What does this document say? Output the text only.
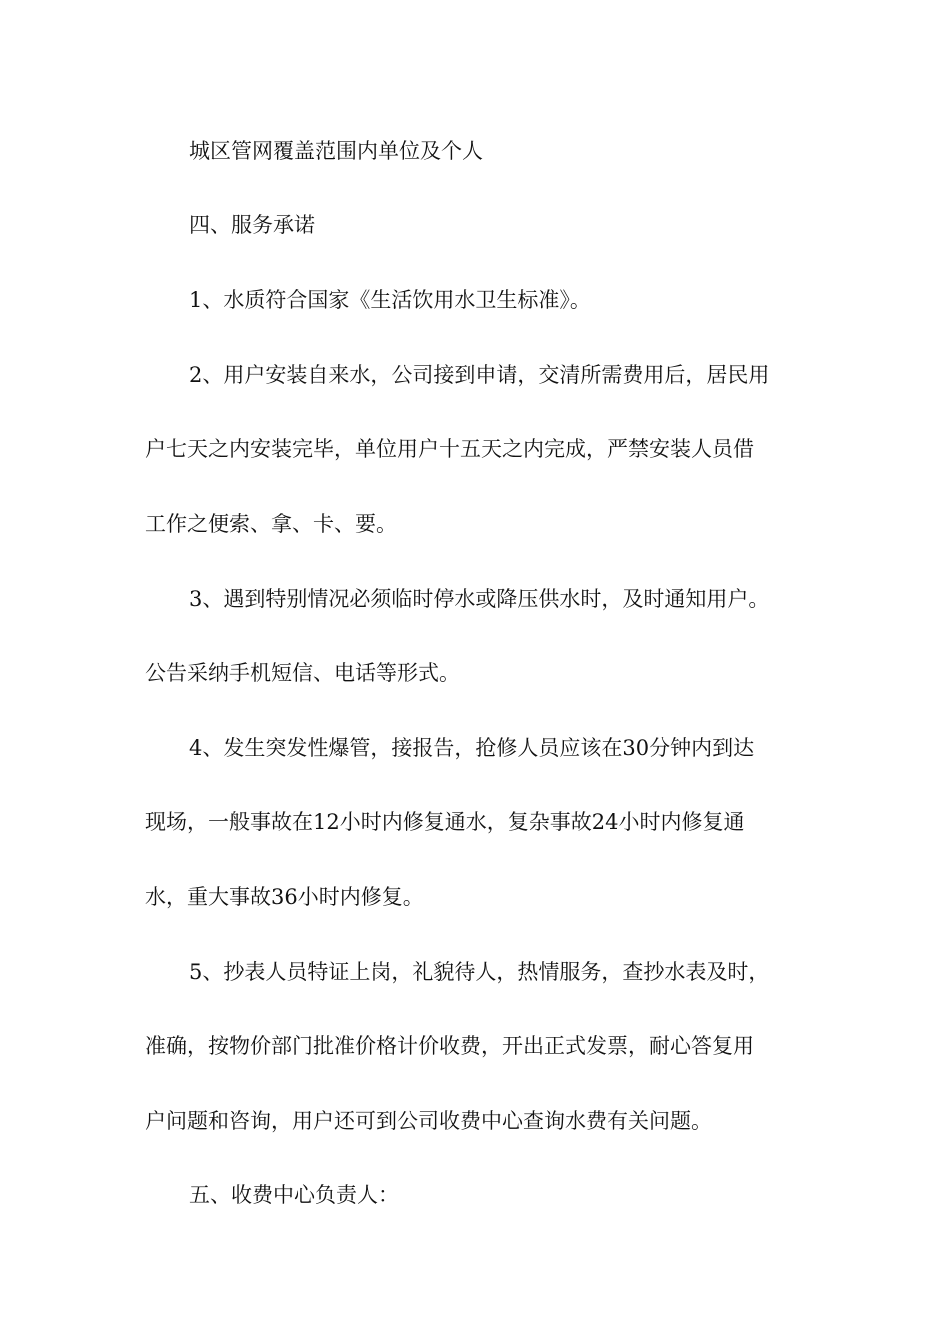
城区管网覆盖范围内单位及个人

四、服务承诺

1、水质符合国家《生活饮用水卫生标准》。

2、用户安装自来水，公司接到申请，交清所需费用后，居民用

户七天之内安装完毕，单位用户十五天之内完成，严禁安装人员借

工作之便索、拿、卡、要。

3、遇到特别情况必须临时停水或降压供水时，及时通知用户。

公告采纳手机短信、电话等形式。

4、发生突发性爆管，接报告，抢修人员应该在30分钟内到达

现场，一般事故在12小时内修复通水，复杂事故24小时内修复通

水，重大事故36小时内修复。

5、抄表人员特证上岗，礼貌待人，热情服务，查抄水表及时，

准确，按物价部门批准价格计价收费，开出正式发票，耐心答复用

户问题和咨询，用户还可到公司收费中心查询水费有关问题。

五、收费中心负责人：
